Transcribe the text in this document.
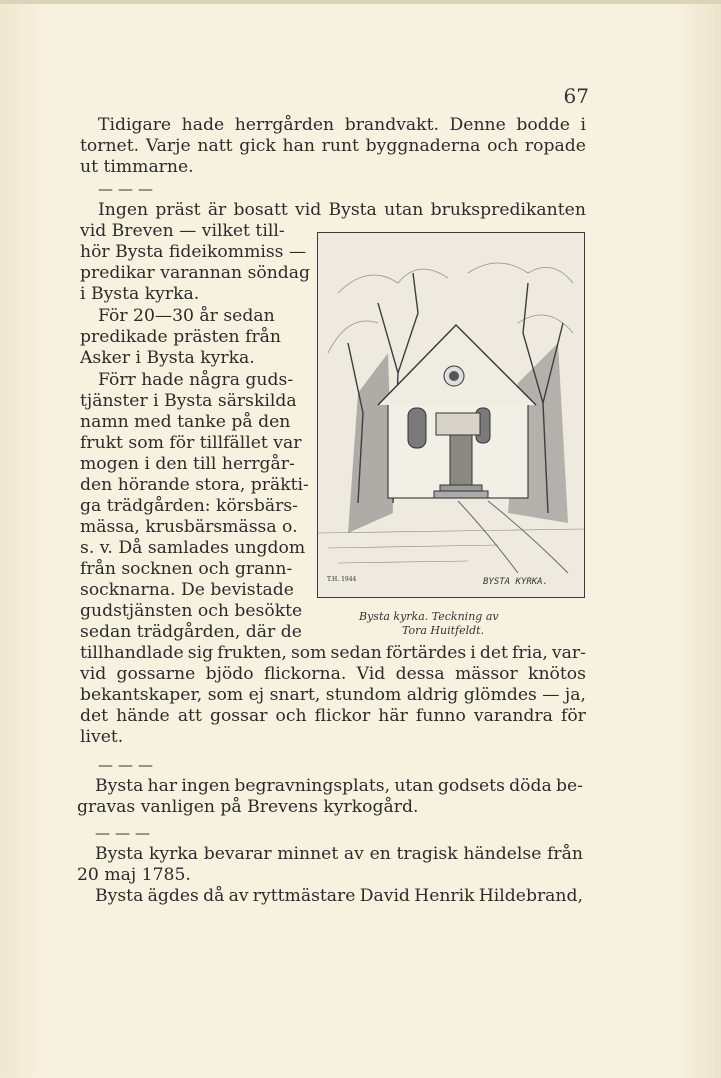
67
Tidigare hade herrgården brandvakt. Denne bodde i
tornet. Varje natt gick han runt byggnaderna och ropade
ut timmarne.
———
Ingen präst är bosatt vid Bysta utan brukspredikanten
vid Breven — vilket till-
hör Bysta fideikommiss —
predikar varannan söndag
i Bysta kyrka.
För 20—30 år sedan
predikade prästen från
Asker i Bysta kyrka.
Förr hade några guds-
tjänster i Bysta särskilda
namn med tanke på den
frukt som för tillfället var
mogen i den till herrgår-
den hörande stora, präkti-
ga trädgården: körsbärs-
mässa, krusbärsmässa o.
s. v. Då samlades ungdom
från socknen och grann-
socknarna. De bevistade
gudstjänsten och besökte
sedan trädgården, där de
tillhandlade sig frukten, som sedan förtärdes i det fria, var-
vid gossarne bjödo flickorna. Vid dessa mässor knötos
bekantskaper, som ej snart, stundom aldrig glömdes — ja,
det hände att gossar och flickor här funno varandra för
livet.
———
Bysta har ingen begravningsplats, utan godsets döda be-
gravas vanligen på Brevens kyrkogård.
———
Bysta kyrka bevarar minnet av en tragisk händelse från
20 maj 1785.
Bysta ägdes då av ryttmästare David Henrik Hildebrand,
BYSTA KYRKA.
T.H. 1944
Bysta kyrka. Teckning av
Tora Huitfeldt.
